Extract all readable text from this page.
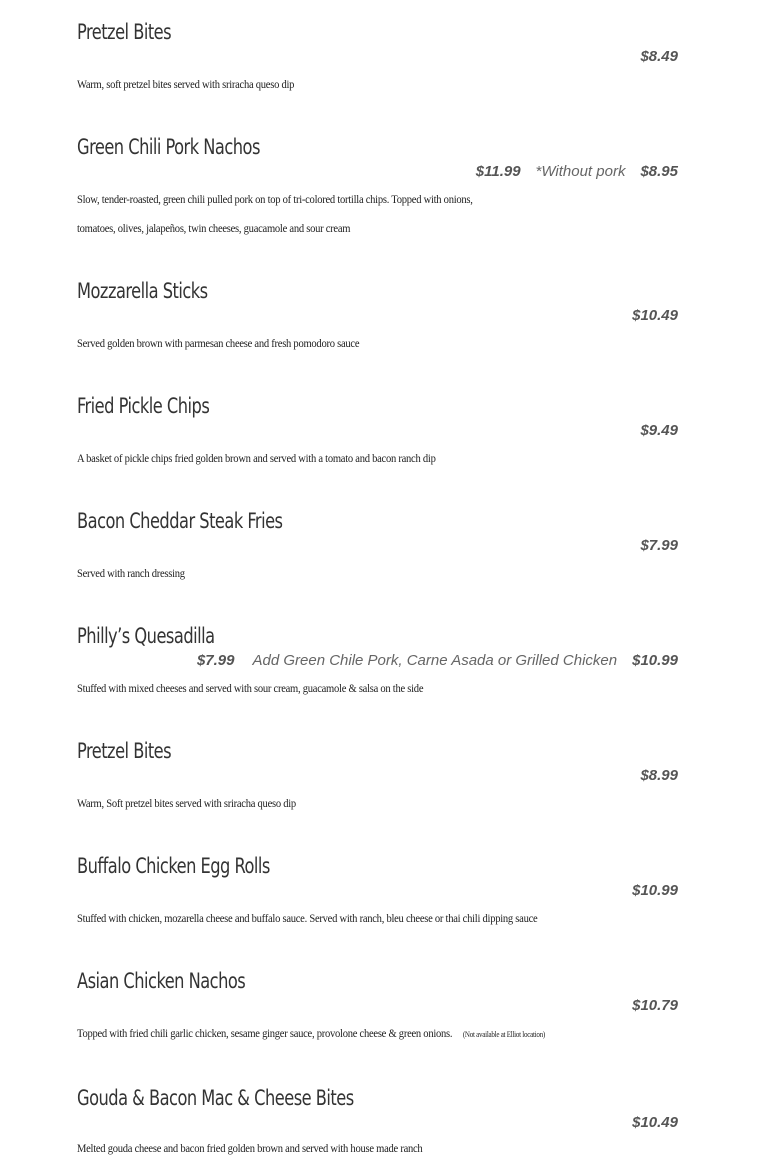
Pretzel Bites
$8.49
Warm, soft pretzel bites served with sriracha queso dip
Green Chili Pork Nachos
$11.99 *Without pork $8.95
Slow, tender-roasted, green chili pulled pork on top of tri-colored tortilla chips. Topped with onions,
tomatoes, olives, jalapeños, twin cheeses, guacamole and sour cream
Mozzarella Sticks
$10.49
Served golden brown with parmesan cheese and fresh pomodoro sauce
Fried Pickle Chips
$9.49
A basket of pickle chips fried golden brown and served with a tomato and bacon ranch dip
Bacon Cheddar Steak Fries
$7.99
Served with ranch dressing
Philly’s Quesadilla
$7.99 Add Green Chile Pork, Carne Asada or Grilled Chicken $10.99
Stuffed with mixed cheeses and served with sour cream, guacamole & salsa on the side
Pretzel Bites
$8.99
Warm, Soft pretzel bites served with sriracha queso dip
Buffalo Chicken Egg Rolls
$10.99
Stuffed with chicken, mozarella cheese and buffalo sauce. Served with ranch, bleu cheese or thai chili dipping sauce
Asian Chicken Nachos
$10.79
Topped with fried chili garlic chicken, sesame ginger sauce, provolone cheese & green onions. (Not available at Elliot location)
Gouda & Bacon Mac & Cheese Bites
$10.49
Melted gouda cheese and bacon fried golden brown and served with house made ranch
